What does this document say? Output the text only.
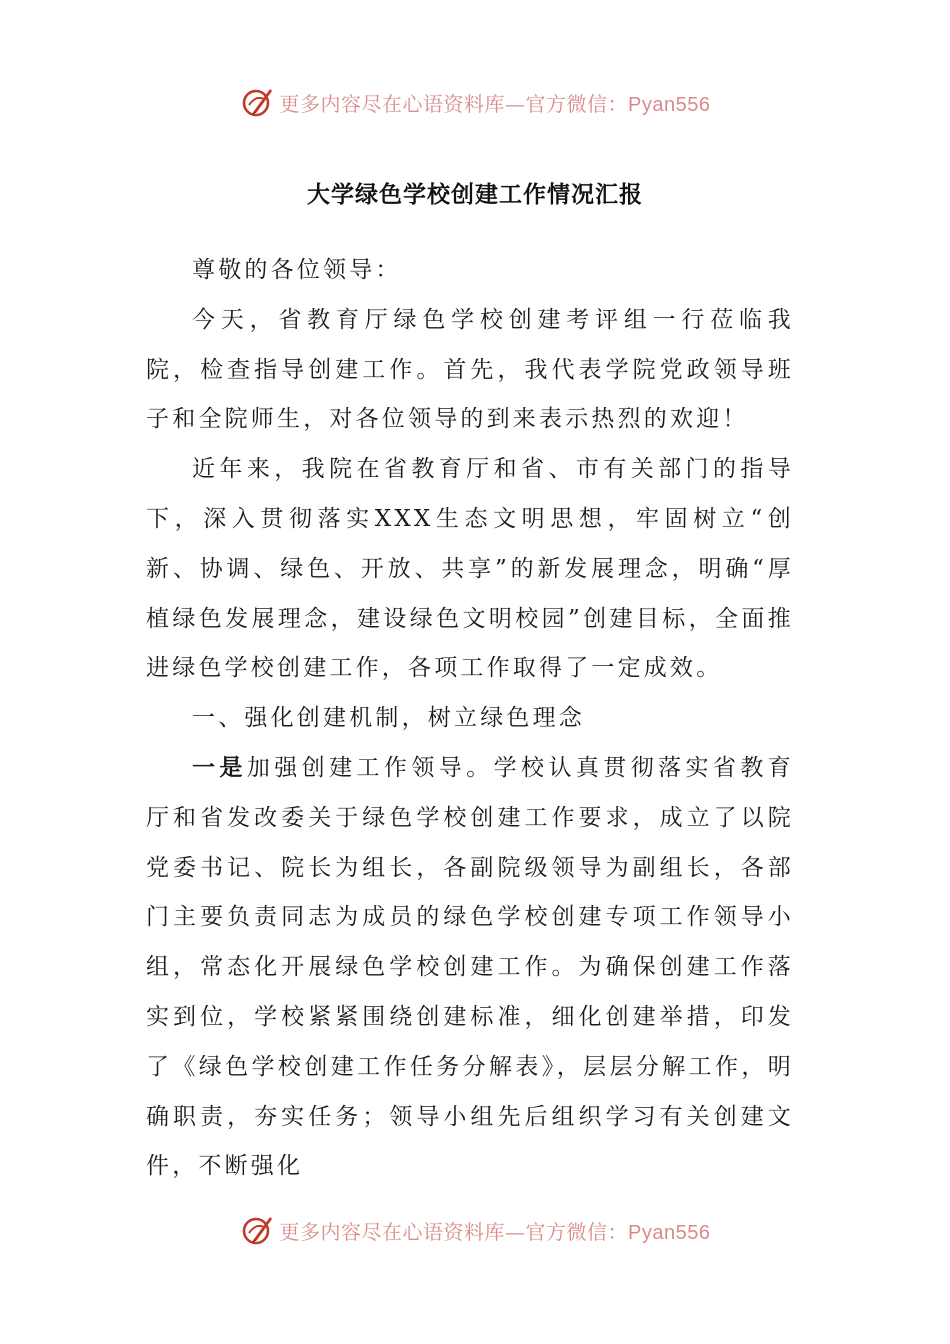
更多内容尽在心语资料库—官方微信：Pyan556
大学绿色学校创建工作情况汇报

尊敬的各位领导：

今天，省教育厅绿色学校创建考评组一行莅临我院，检查指导创建工作。首先，我代表学院党政领导班子和全院师生，对各位领导的到来表示热烈的欢迎！

近年来，我院在省教育厅和省、市有关部门的指导下，深入贯彻落实XXX生态文明思想，牢固树立“创新、协调、绿色、开放、共享”的新发展理念，明确“厚植绿色发展理念，建设绿色文明校园”创建目标，全面推进绿色学校创建工作，各项工作取得了一定成效。

一、强化创建机制，树立绿色理念

一是加强创建工作领导。学校认真贯彻落实省教育厅和省发改委关于绿色学校创建工作要求，成立了以院党委书记、院长为组长，各副院级领导为副组长，各部门主要负责同志为成员的绿色学校创建专项工作领导小组，常态化开展绿色学校创建工作。为确保创建工作落实到位，学校紧紧围绕创建标准，细化创建举措，印发了《绿色学校创建工作任务分解表》，层层分解工作，明确职责，夯实任务；领导小组先后组织学习有关创建文件，不断强化

更多内容尽在心语资料库—官方微信：Pyan556
